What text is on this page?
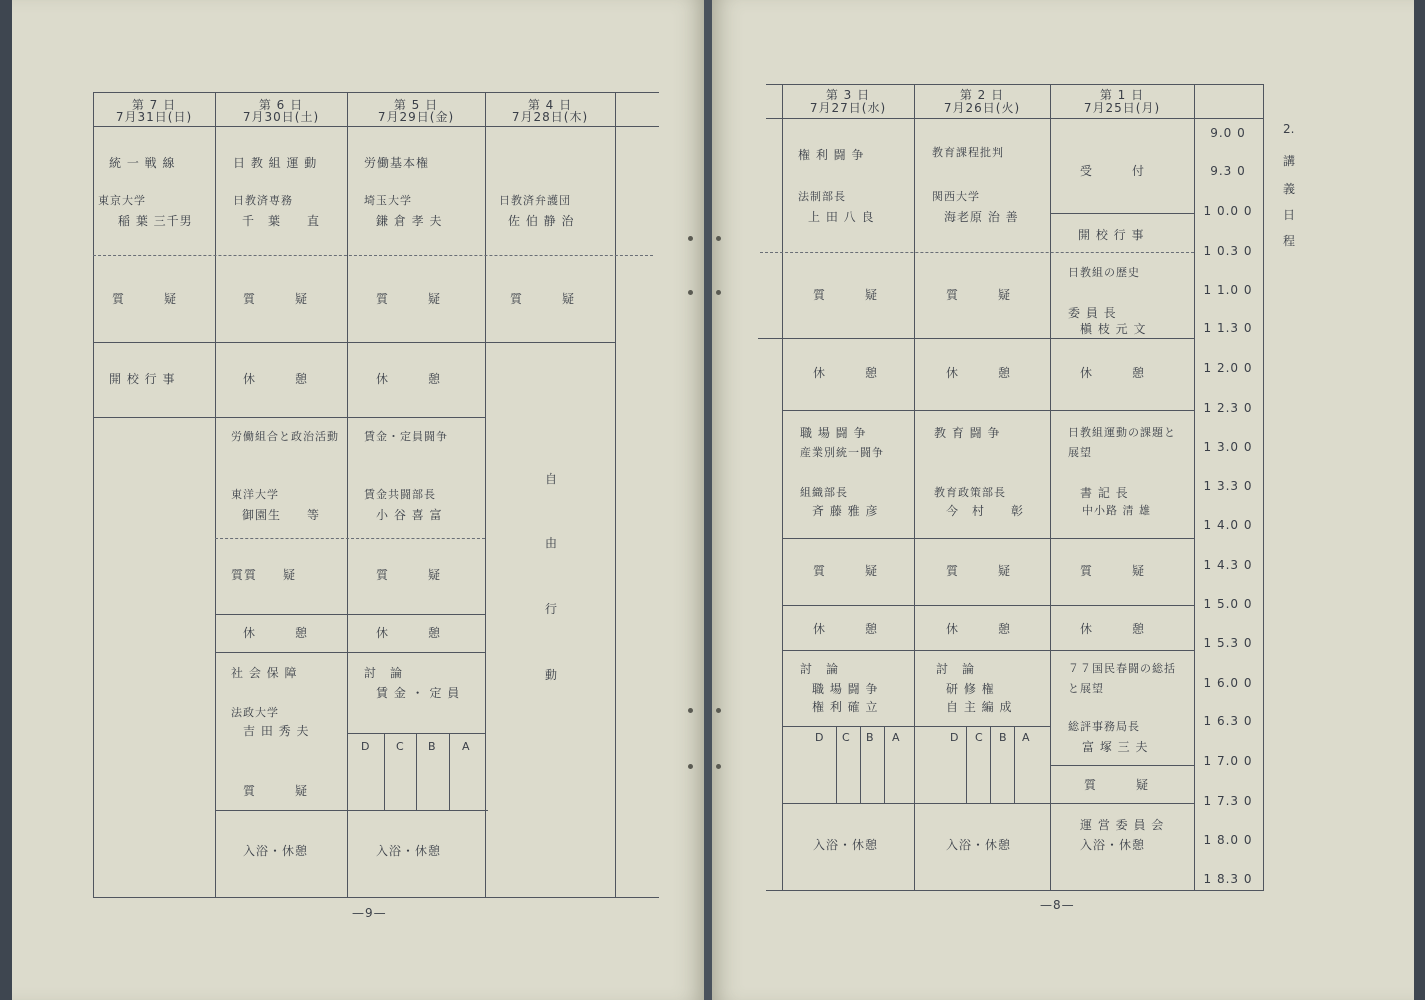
第 7 日
7月31日(日)
第 6 日
7月30日(土)
第 5 日
7月29日(金)
第 4 日
7月28日(木)
統 一 戦 線
東京大学
稲 葉 三千男
質　　　疑
開 校 行 事
日 教 組 運 動
日教済専務
千　葉　　直
質　　　疑
休　　　憩
労働組合と政治活動
東洋大学
御園生　　等
質質　　疑
休　　　憩
社 会 保 障
法政大学
吉 田 秀 夫
質　　　疑
入浴・休憩
労働基本権
埼玉大学
鎌 倉 孝 夫
質　　　疑
休　　　憩
賃金・定員闘争
賃金共闘部長
小 谷 喜 富
質　　　疑
休　　　憩
討　論
賃 金 ・ 定 員
D C B A
入浴・休憩
日教済弁護団
佐 伯 静 治
質　　　疑
自
由
行
動
—9—
第 3 日
7月27日(水)
第 2 日
7月26日(火)
第 1 日
7月25日(月)
権 利 闘 争
法制部長
上 田 八 良
質　　　疑
休　　　憩
職 場 闘 争
産業別統一闘争
組織部長
斉 藤 雅 彦
質　　　疑
休　　　憩
討　論
職 場 闘 争
権 利 確 立
D C B A
入浴・休憩
教育課程批判
関西大学
海老原 治 善
質　　　疑
休　　　憩
教 育 闘 争
教育政策部長
今　村　　彰
質　　　疑
休　　　憩
討　論
研 修 権
自 主 編 成
D C B A
入浴・休憩
受　　　付
開 校 行 事
日教組の歴史
委 員 長
槇 枝 元 文
休　　　憩
日教組運動の課題と
展望
書 記 長
中小路 清 雄
質　　　疑
休　　　憩
７７国民春闘の総括
と展望
総評事務局長
富 塚 三 夫
質　　　疑
運 営 委 員 会
入浴・休憩
9.0 0
9.3 0
1 0.0 0
1 0.3 0
1 1.0 0
1 1.3 0
1 2.0 0
1 2.3 0
1 3.0 0
1 3.3 0
1 4.0 0
1 4.3 0
1 5.0 0
1 5.3 0
1 6.0 0
1 6.3 0
1 7.0 0
1 7.3 0
1 8.0 0
1 8.3 0
2.
講
義
日
程
—8—
